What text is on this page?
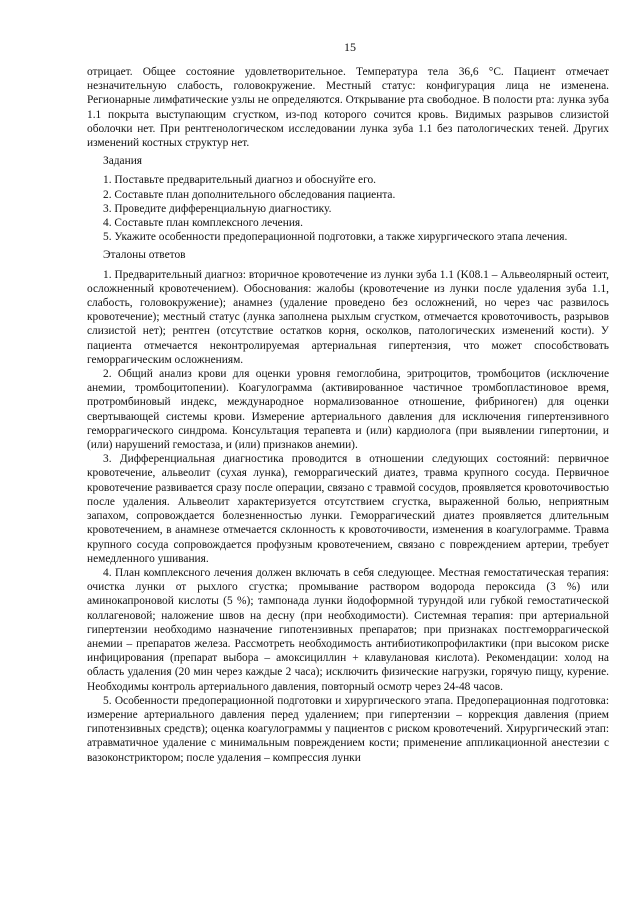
15

отрицает. Общее состояние удовлетворительное. Температура тела 36,6 °С. Пациент отмечает незначительную слабость, головокружение. Местный статус: конфигурация лица не изменена. Регионарные лимфатические узлы не определяются. Открывание рта свободное. В полости рта: лунка зуба 1.1 покрыта выступающим сгустком, из-под которого сочится кровь. Видимых разрывов слизистой оболочки нет. При рентгенологическом исследовании лунка зуба 1.1 без патологических теней. Других изменений костных структур нет.

Задания

1. Поставьте предварительный диагноз и обоснуйте его.
2. Составьте план дополнительного обследования пациента.
3. Проведите дифференциальную диагностику.
4. Составьте план комплексного лечения.
5. Укажите особенности предоперационной подготовки, а также хирургического этапа лечения.

Эталоны ответов

1. Предварительный диагноз: вторичное кровотечение из лунки зуба 1.1 (K08.1 – Альвеолярный остеит, осложненный кровотечением). Обоснования: жалобы (кровотечение из лунки после удаления зуба 1.1, слабость, головокружение); анамнез (удаление проведено без осложнений, но через час развилось кровотечение); местный статус (лунка заполнена рыхлым сгустком, отмечается кровоточивость, разрывов слизистой нет); рентген (отсутствие остатков корня, осколков, патологических изменений кости). У пациента отмечается неконтролируемая артериальная гипертензия, что может способствовать геморрагическим осложнениям.

2. Общий анализ крови для оценки уровня гемоглобина, эритроцитов, тромбоцитов (исключение анемии, тромбоцитопении). Коагулограмма (активированное частичное тромбопластиновое время, протромбиновый индекс, международное нормализованное отношение, фибриноген) для оценки свертывающей системы крови. Измерение артериального давления для исключения гипертензивного геморрагического синдрома. Консультация терапевта и (или) кардиолога (при выявлении гипертонии, и (или) нарушений гемостаза, и (или) признаков анемии).

3. Дифференциальная диагностика проводится в отношении следующих состояний: первичное кровотечение, альвеолит (сухая лунка), геморрагический диатез, травма крупного сосуда. Первичное кровотечение развивается сразу после операции, связано с травмой сосудов, проявляется кровоточивостью после удаления. Альвеолит характеризуется отсутствием сгустка, выраженной болью, неприятным запахом, сопровождается болезненностью лунки. Геморрагический диатез проявляется длительным кровотечением, в анамнезе отмечается склонность к кровоточивости, изменения в коагулограмме. Травма крупного сосуда сопровождается профузным кровотечением, связано с повреждением артерии, требует немедленного ушивания.

4. План комплексного лечения должен включать в себя следующее. Местная гемостатическая терапия: очистка лунки от рыхлого сгустка; промывание раствором водорода пероксида (3 %) или аминокапроновой кислоты (5 %); тампонада лунки йодоформной турундой или губкой гемостатической коллагеновой; наложение швов на десну (при необходимости). Системная терапия: при артериальной гипертензии необходимо назначение гипотензивных препаратов; при признаках постгеморрагической анемии – препаратов железа. Рассмотреть необходимость антибиотикопрофилактики (при высоком риске инфицирования (препарат выбора – амоксициллин + клавулановая кислота). Рекомендации: холод на область удаления (20 мин через каждые 2 часа); исключить физические нагрузки, горячую пищу, курение. Необходимы контроль артериального давления, повторный осмотр через 24-48 часов.

5. Особенности предоперационной подготовки и хирургического этапа. Предоперационная подготовка: измерение артериального давления перед удалением; при гипертензии – коррекция давления (прием гипотензивных средств); оценка коагулограммы у пациентов с риском кровотечений. Хирургический этап: атравматичное удаление с минимальным повреждением кости; применение аппликационной анестезии с вазоконстриктором; после удаления – компрессия лунки
